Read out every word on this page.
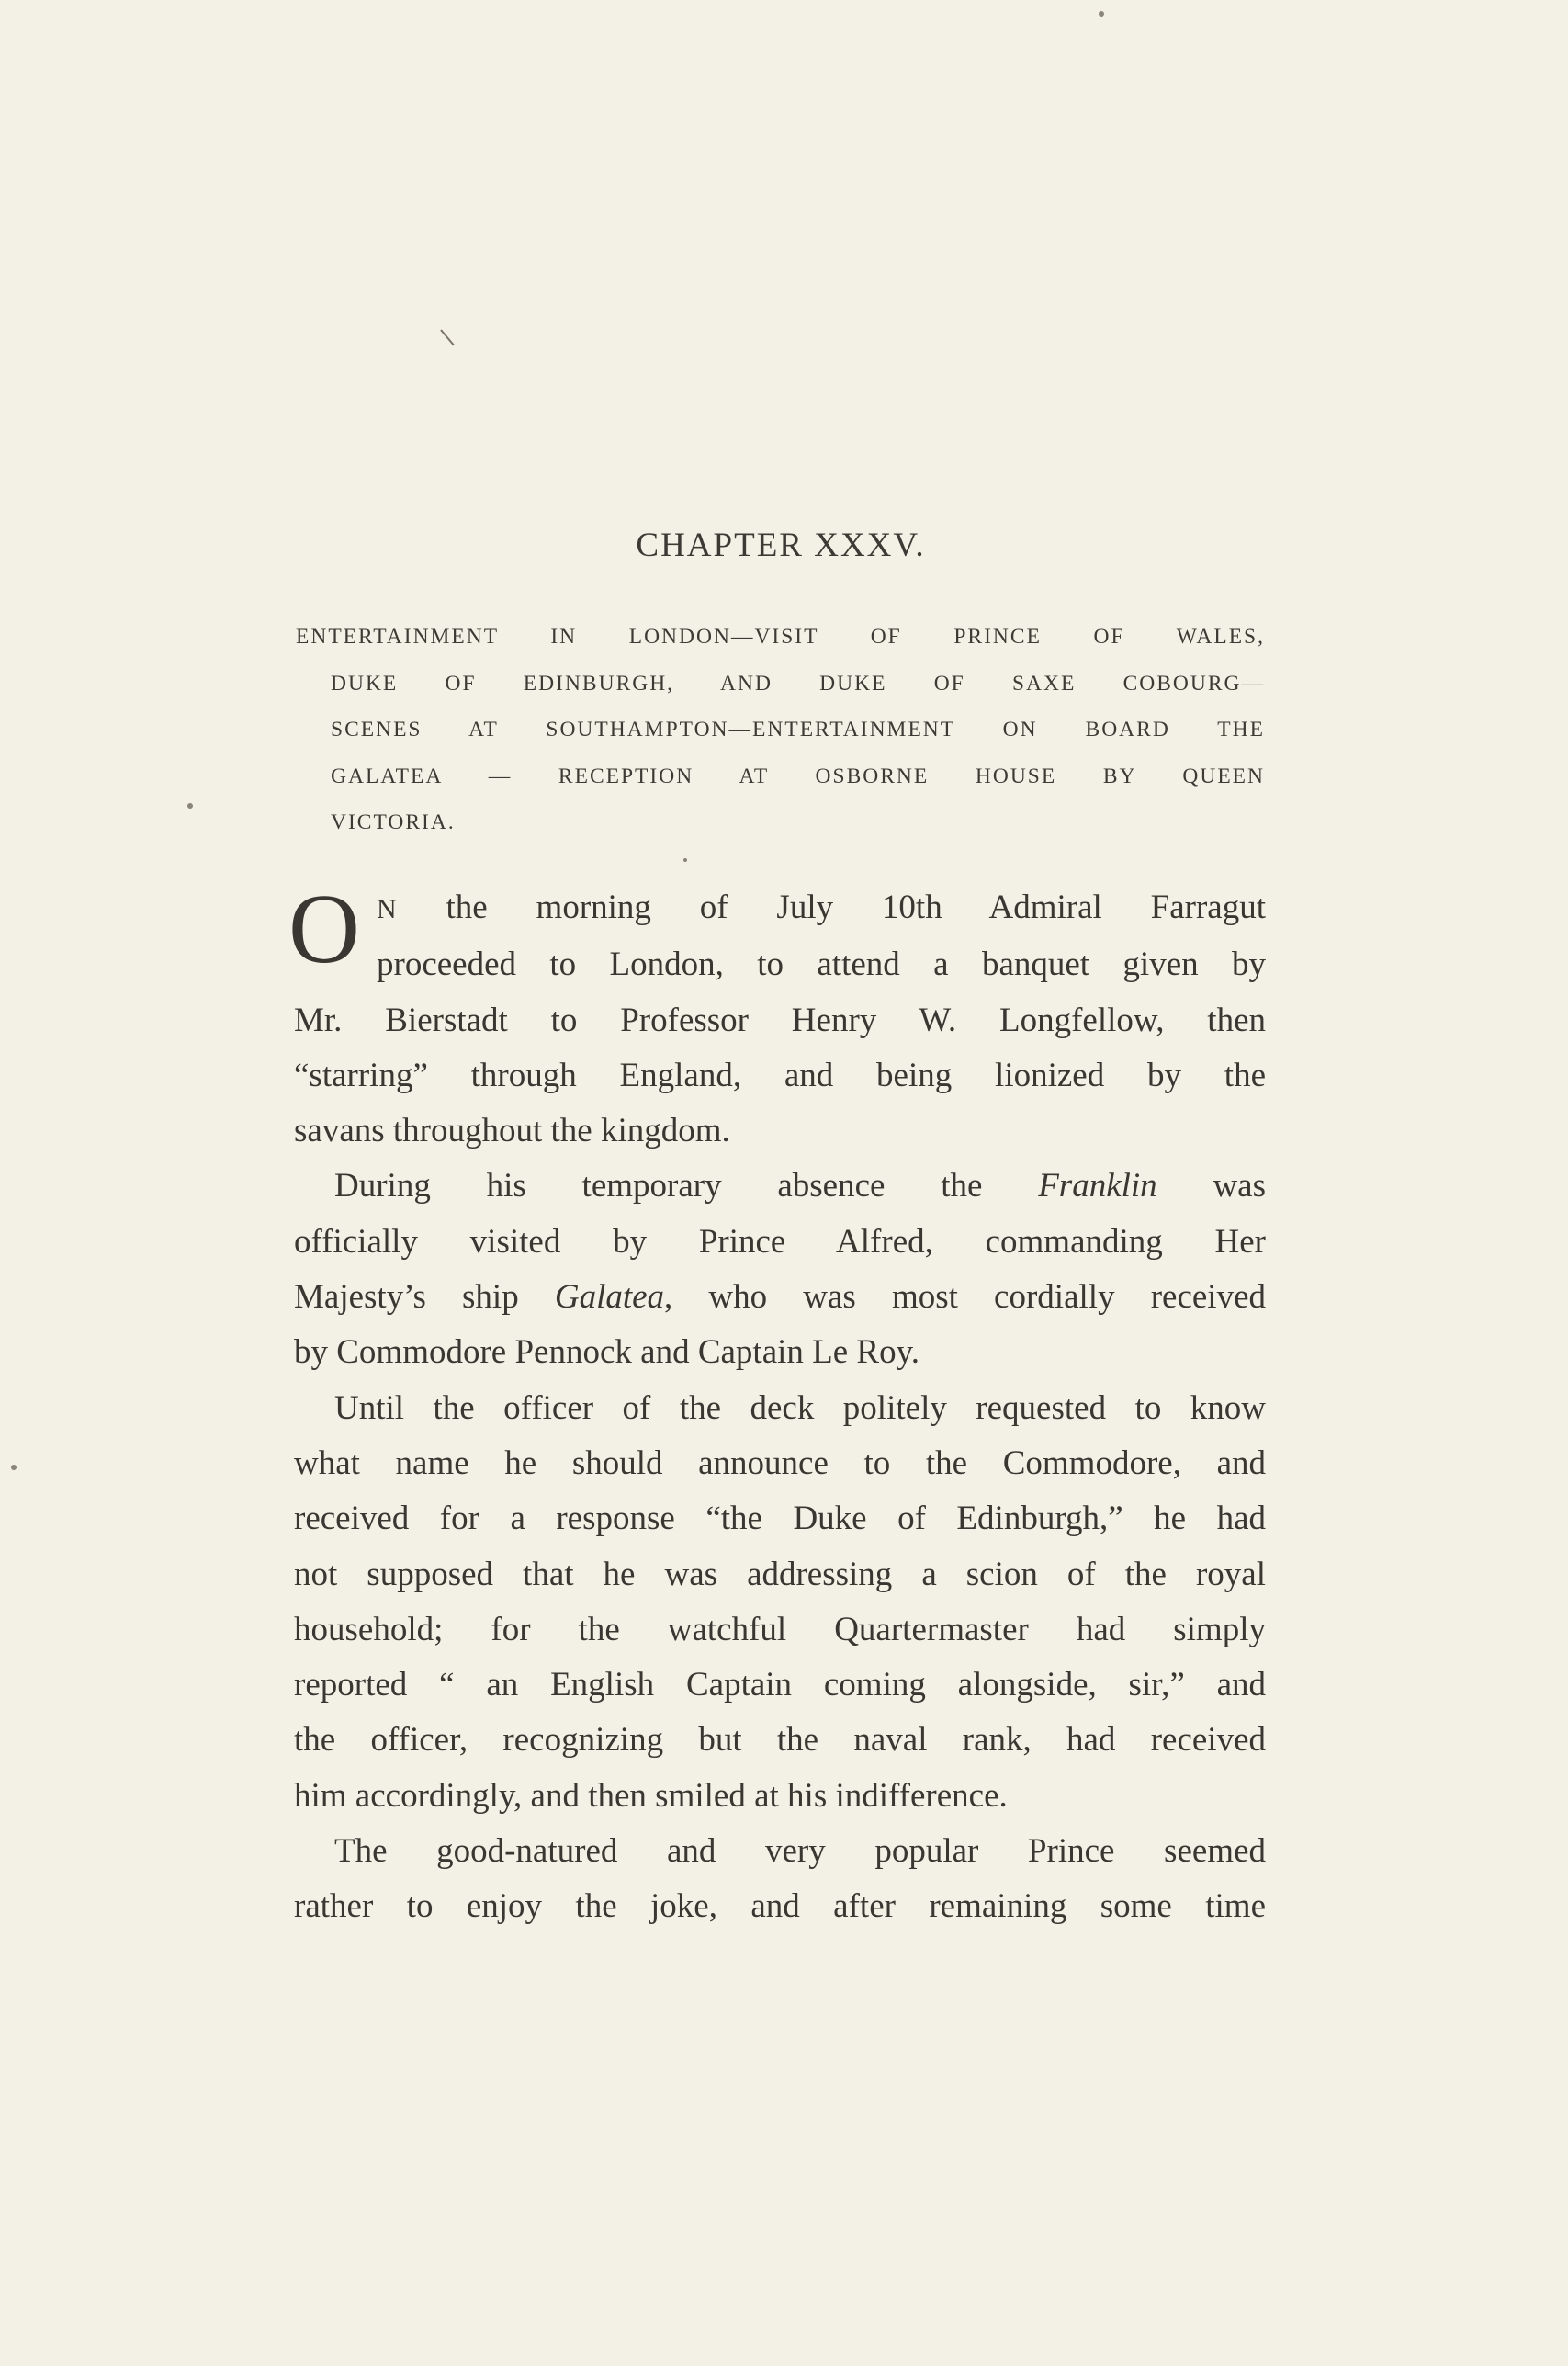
CHAPTER XXXV.
ENTERTAINMENT IN LONDON—VISIT OF PRINCE OF WALES,
DUKE OF EDINBURGH, AND DUKE OF SAXE COBOURG—
SCENES AT SOUTHAMPTON—ENTERTAINMENT ON BOARD THE
GALATEA — RECEPTION AT OSBORNE HOUSE BY QUEEN
VICTORIA.
O N the morning of July 10th Admiral Farragut
proceeded to London, to attend a banquet given by
Mr. Bierstadt to Professor Henry W. Longfellow, then
“starring” through England, and being lionized by the
savans throughout the kingdom.
During his temporary absence the Franklin was
officially visited by Prince Alfred, commanding Her
Majesty’s ship Galatea, who was most cordially received
by Commodore Pennock and Captain Le Roy.
Until the officer of the deck politely requested to know
what name he should announce to the Commodore, and
received for a response “the Duke of Edinburgh,” he had
not supposed that he was addressing a scion of the royal
household; for the watchful Quartermaster had simply
reported “ an English Captain coming alongside, sir,” and
the officer, recognizing but the naval rank, had received
him accordingly, and then smiled at his indifference.
The good-natured and very popular Prince seemed
rather to enjoy the joke, and after remaining some time
